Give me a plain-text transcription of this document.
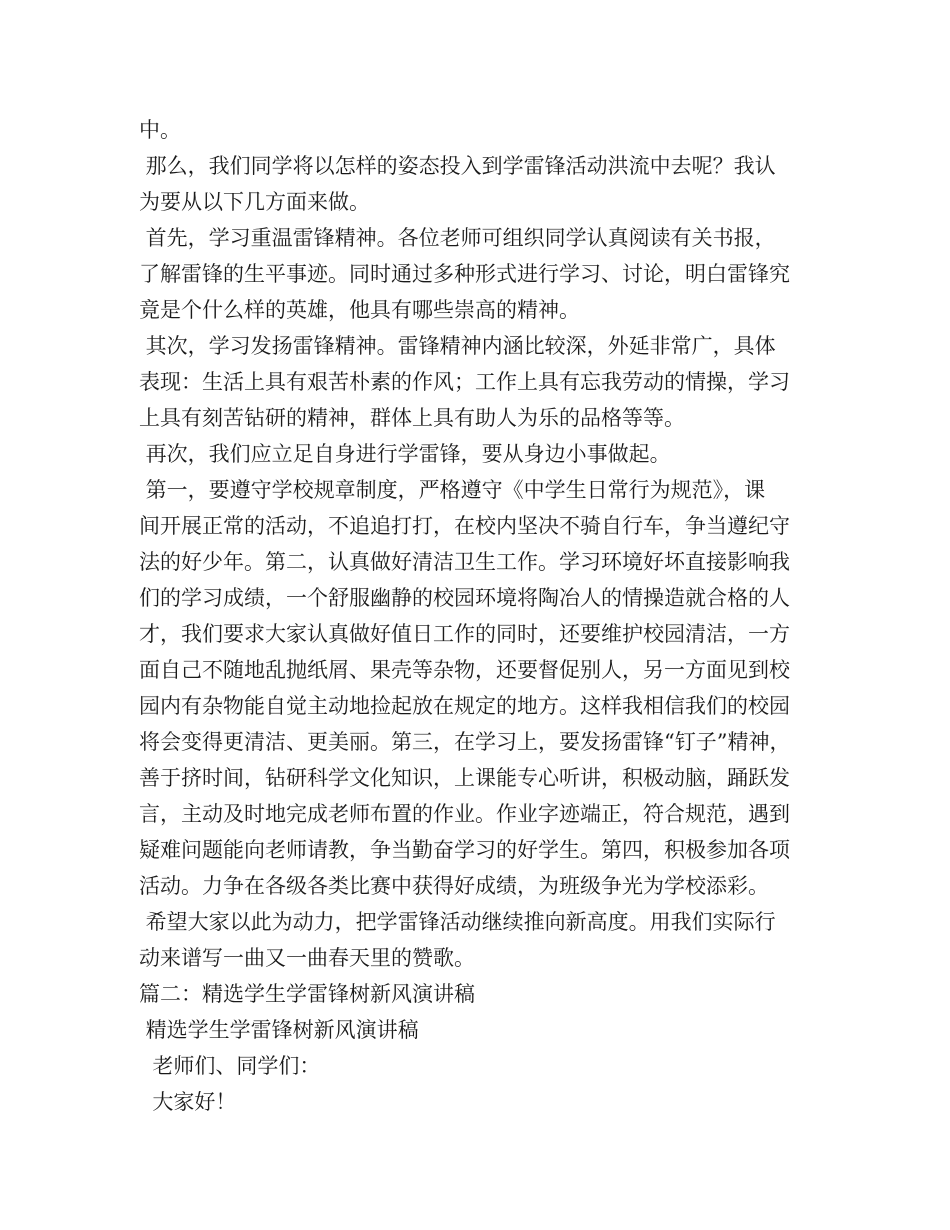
中。
那么，我们同学将以怎样的姿态投入到学雷锋活动洪流中去呢？我认
为要从以下几方面来做。
首先，学习重温雷锋精神。各位老师可组织同学认真阅读有关书报，
了解雷锋的生平事迹。同时通过多种形式进行学习、讨论，明白雷锋究
竟是个什么样的英雄，他具有哪些崇高的精神。
其次，学习发扬雷锋精神。雷锋精神内涵比较深，外延非常广，具体
表现：生活上具有艰苦朴素的作风；工作上具有忘我劳动的情操，学习
上具有刻苦钻研的精神，群体上具有助人为乐的品格等等。
再次，我们应立足自身进行学雷锋，要从身边小事做起。
第一，要遵守学校规章制度，严格遵守《中学生日常行为规范》，课
间开展正常的活动，不追追打打，在校内坚决不骑自行车，争当遵纪守
法的好少年。第二，认真做好清洁卫生工作。学习环境好坏直接影响我
们的学习成绩，一个舒服幽静的校园环境将陶冶人的情操造就合格的人
才，我们要求大家认真做好值日工作的同时，还要维护校园清洁，一方
面自己不随地乱抛纸屑、果壳等杂物，还要督促别人，另一方面见到校
园内有杂物能自觉主动地捡起放在规定的地方。这样我相信我们的校园
将会变得更清洁、更美丽。第三，在学习上，要发扬雷锋“钉子”精神，
善于挤时间，钻研科学文化知识，上课能专心听讲，积极动脑，踊跃发
言，主动及时地完成老师布置的作业。作业字迹端正，符合规范，遇到
疑难问题能向老师请教，争当勤奋学习的好学生。第四，积极参加各项
活动。力争在各级各类比赛中获得好成绩，为班级争光为学校添彩。
希望大家以此为动力，把学雷锋活动继续推向新高度。用我们实际行
动来谱写一曲又一曲春天里的赞歌。
篇二：精选学生学雷锋树新风演讲稿
精选学生学雷锋树新风演讲稿
老师们、同学们：
大家好！
